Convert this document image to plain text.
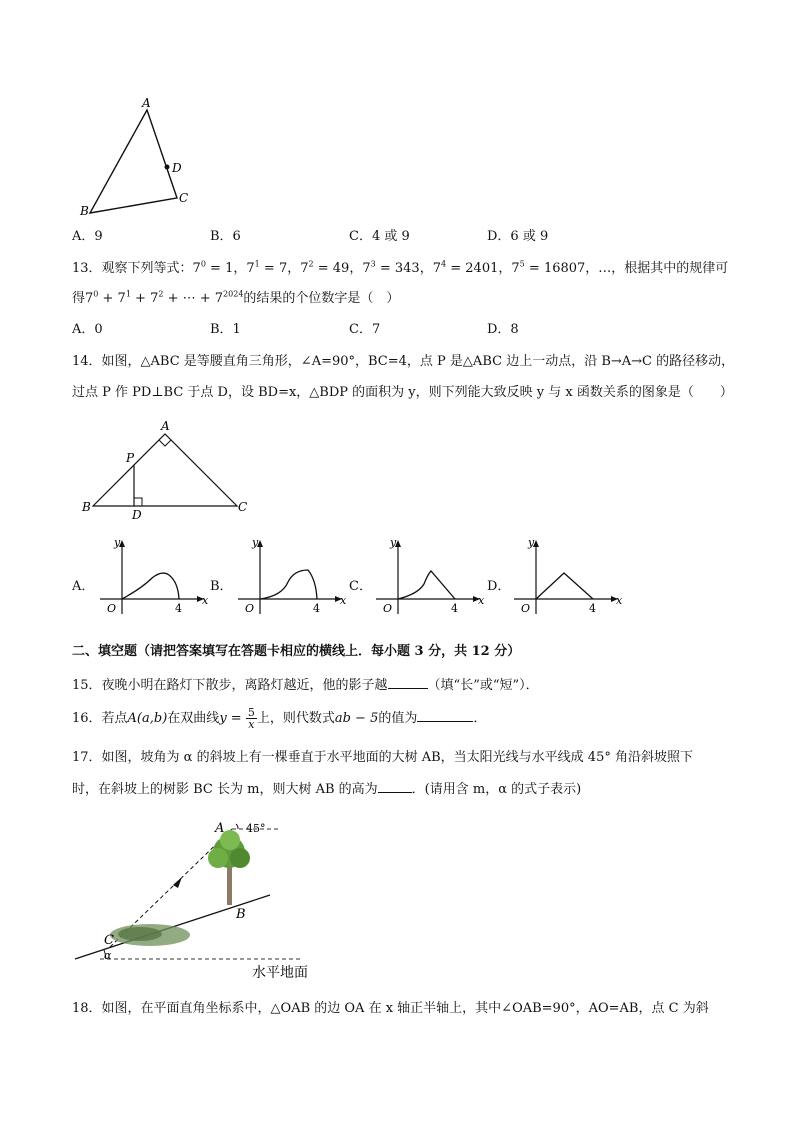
A
B
C
D
A．9	B．6	C．4 或 9	D．6 或 9
13．观察下列等式：$7^0 = 1$，$7^1 = 7$，$7^2 = 49$，$7^3 = 343$，$7^4 = 2401$，$7^5 = 16807$，…，根据其中的规律可
得$7^0 + 7^1 + 7^2$ + ⋯ + $7^{2024}$的结果的个位数字是（　）
A．0	B．1	C．7	D．8
14．如图，△ABC 是等腰直角三角形，∠A=90°，BC=4，点 P 是△ABC 边上一动点，沿 B→A→C 的路径移动，
过点 P 作 PD⊥BC 于点 D，设 BD=x，△BDP 的面积为 y，则下列能大致反映 y 与 x 函数关系的图象是（　　）
A
P
B
D
C
A．
y
x
O	4
B．
y
x
O	4
C．
y
x
O	4
D．
y
x
O	4
二、填空题（请把答案填写在答题卡相应的横线上．每小题 3 分，共 12 分）
15．夜晚小明在路灯下散步，离路灯越近，他的影子越	（填“长”或“短”）．
16．若点A(a,b)在双曲线$y = \frac{5}{x}$ 上，则代数式ab − 5的值为	．
17．如图，坡角为 α 的斜坡上有一棵垂直于水平地面的大树 AB，当太阳光线与水平线成 45° 角沿斜坡照下
时，在斜坡上的树影 BC 长为 m，则大树 AB 的高为	．(请用含 m，α 的式子表示)
A 45°
B
C
α
水平地面
18．如图，在平面直角坐标系中，△OAB 的边 OA 在 x 轴正半轴上，其中∠OAB=90°，AO=AB，点 C 为斜
